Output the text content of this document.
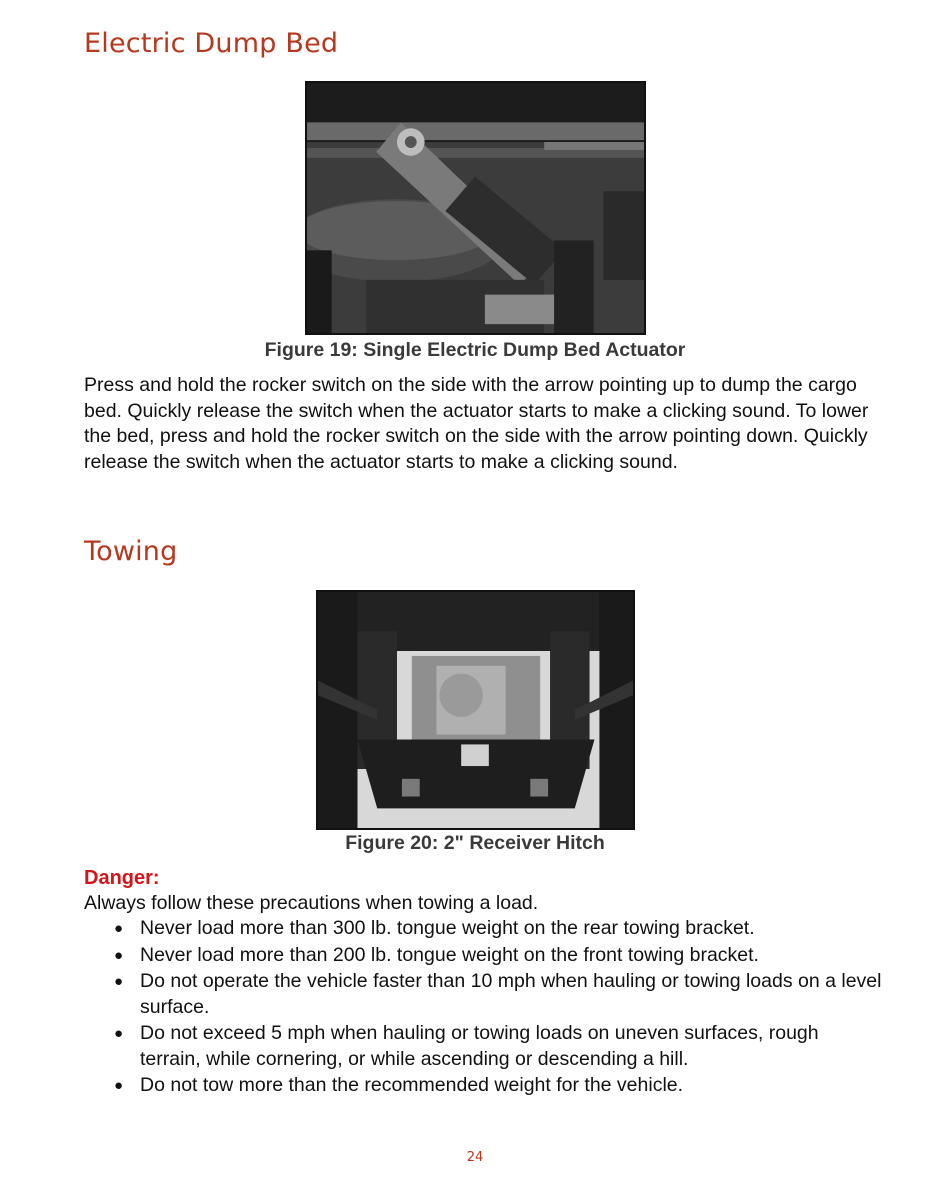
Electric Dump Bed

Figure 19: Single Electric Dump Bed Actuator

Press and hold the rocker switch on the side with the arrow pointing up to dump the cargo bed. Quickly release the switch when the actuator starts to make a clicking sound. To lower the bed, press and hold the rocker switch on the side with the arrow pointing down. Quickly release the switch when the actuator starts to make a clicking sound.

Towing

Figure 20: 2" Receiver Hitch

Danger:

Always follow these precautions when towing a load.

● Never load more than 300 lb. tongue weight on the rear towing bracket.
● Never load more than 200 lb. tongue weight on the front towing bracket.
● Do not operate the vehicle faster than 10 mph when hauling or towing loads on a level surface.
● Do not exceed 5 mph when hauling or towing loads on uneven surfaces, rough terrain, while cornering, or while ascending or descending a hill.
● Do not tow more than the recommended weight for the vehicle.
24
